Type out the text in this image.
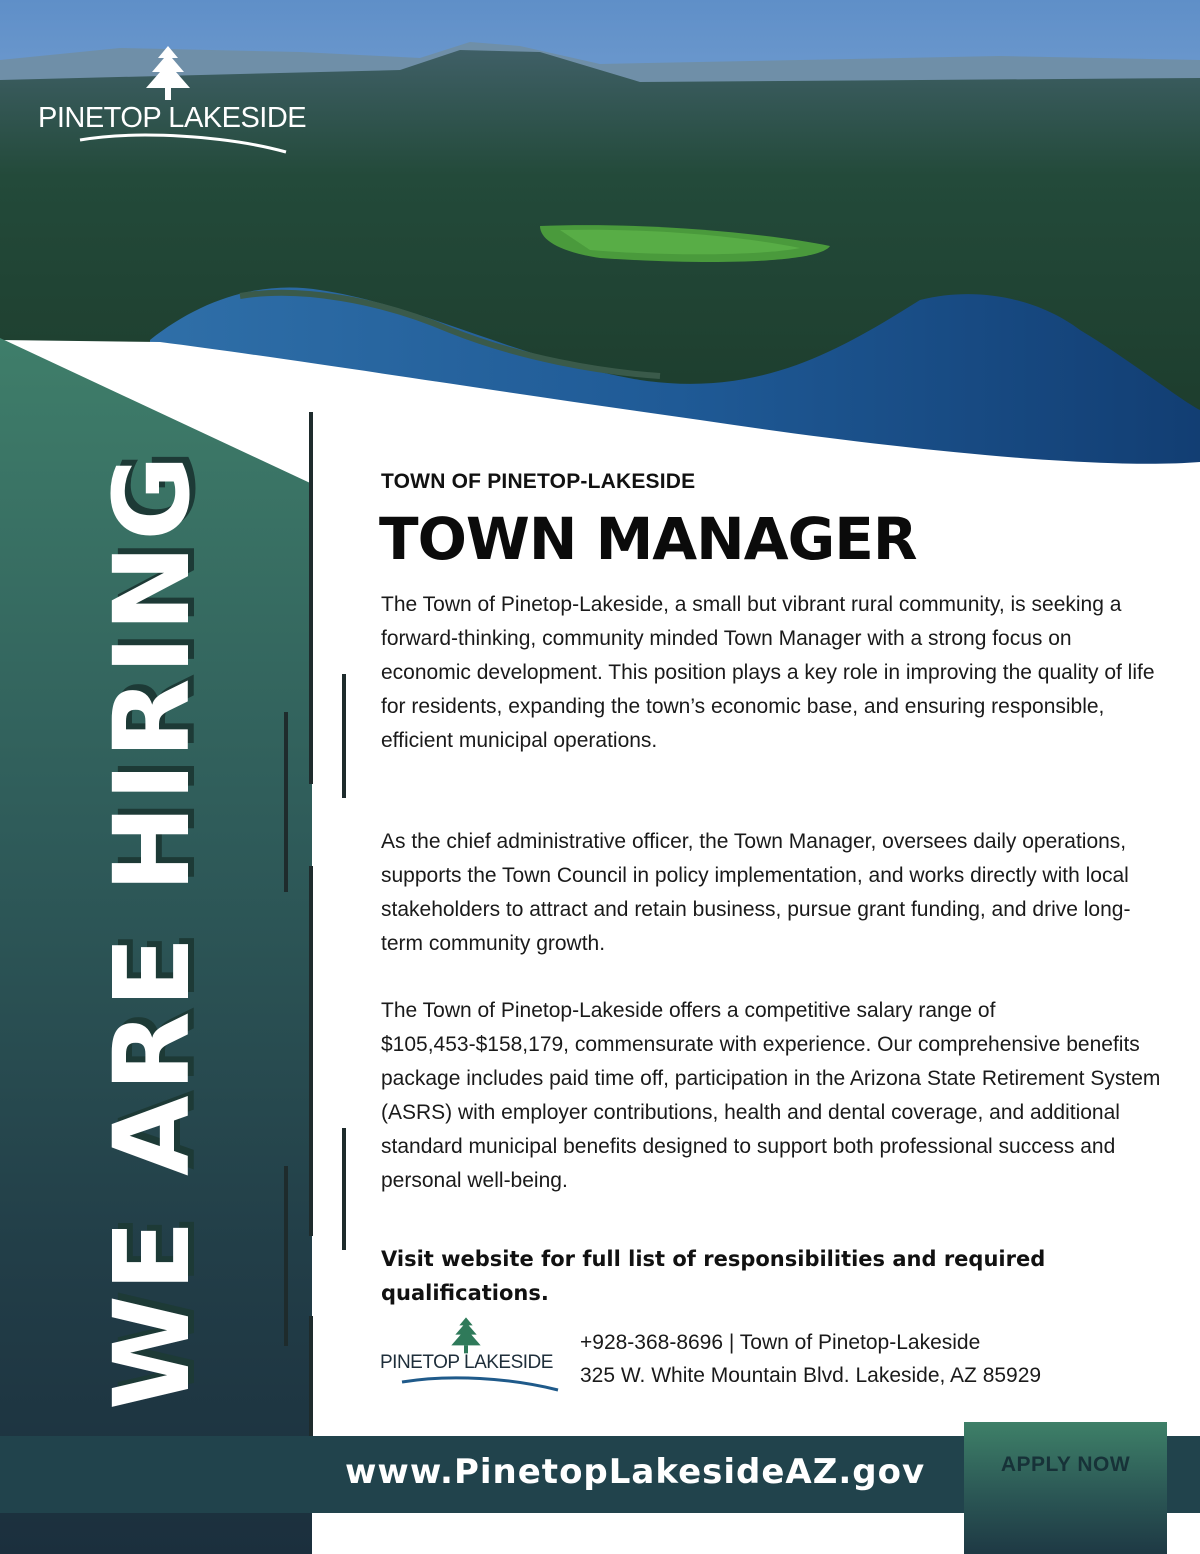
PINETOP LAKESIDE
WE ARE HIRING	TOWN OF PINETOP-LAKESIDE
TOWN MANAGER

The Town of Pinetop-Lakeside, a small but vibrant rural community, is seeking a forward-thinking, community minded Town Manager with a strong focus on economic development. This position plays a key role in improving the quality of life for residents, expanding the town’s economic base, and ensuring responsible, efficient municipal operations.

As the chief administrative officer, the Town Manager, oversees daily operations, supports the Town Council in policy implementation, and works directly with local stakeholders to attract and retain business, pursue grant funding, and drive long-term community growth.

The Town of Pinetop-Lakeside offers a competitive salary range of $105,453-$158,179, commensurate with experience. Our comprehensive benefits package includes paid time off, participation in the Arizona State Retirement System (ASRS) with employer contributions, health and dental coverage, and additional standard municipal benefits designed to support both professional success and personal well-being.

Visit website for full list of responsibilities and required qualifications.
PINETOP LAKESIDE
+928-368-8696 | Town of Pinetop-Lakeside
325 W. White Mountain Blvd. Lakeside, AZ 85929
www.PinetopLakesideAZ.gov	APPLY NOW
